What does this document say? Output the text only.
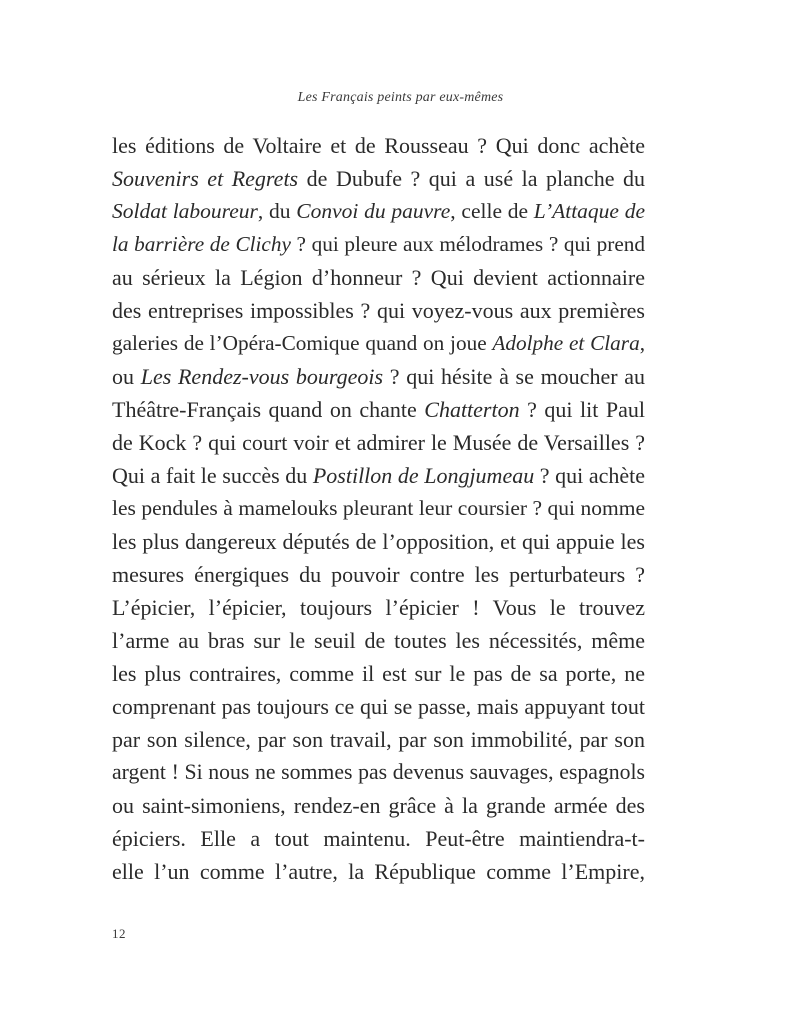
Les Français peints par eux-mêmes
les éditions de Voltaire et de Rousseau ? Qui donc achète
Souvenirs et Regrets de Dubufe ? qui a usé la planche du
Soldat laboureur, du Convoi du pauvre, celle de L’Attaque de
la barrière de Clichy ? qui pleure aux mélodrames ? qui prend
au sérieux la Légion d’honneur ? Qui devient actionnaire
des entreprises impossibles ? qui voyez-vous aux premières
galeries de l’Opéra-Comique quand on joue Adolphe et Clara,
ou Les Rendez-vous bourgeois ? qui hésite à se moucher au
Théâtre-Français quand on chante Chatterton ? qui lit Paul
de Kock ? qui court voir et admirer le Musée de Versailles ?
Qui a fait le succès du Postillon de Longjumeau ? qui achète
les pendules à mamelouks pleurant leur coursier ? qui nomme
les plus dangereux députés de l’opposition, et qui appuie les
mesures énergiques du pouvoir contre les perturbateurs ?
L’épicier, l’épicier, toujours l’épicier ! Vous le trouvez
l’arme au bras sur le seuil de toutes les nécessités, même
les plus contraires, comme il est sur le pas de sa porte, ne
comprenant pas toujours ce qui se passe, mais appuyant tout
par son silence, par son travail, par son immobilité, par son
argent ! Si nous ne sommes pas devenus sauvages, espagnols
ou saint-simoniens, rendez-en grâce à la grande armée des
épiciers. Elle a tout maintenu. Peut-être maintiendra-t-
elle l’un comme l’autre, la République comme l’Empire,
12
